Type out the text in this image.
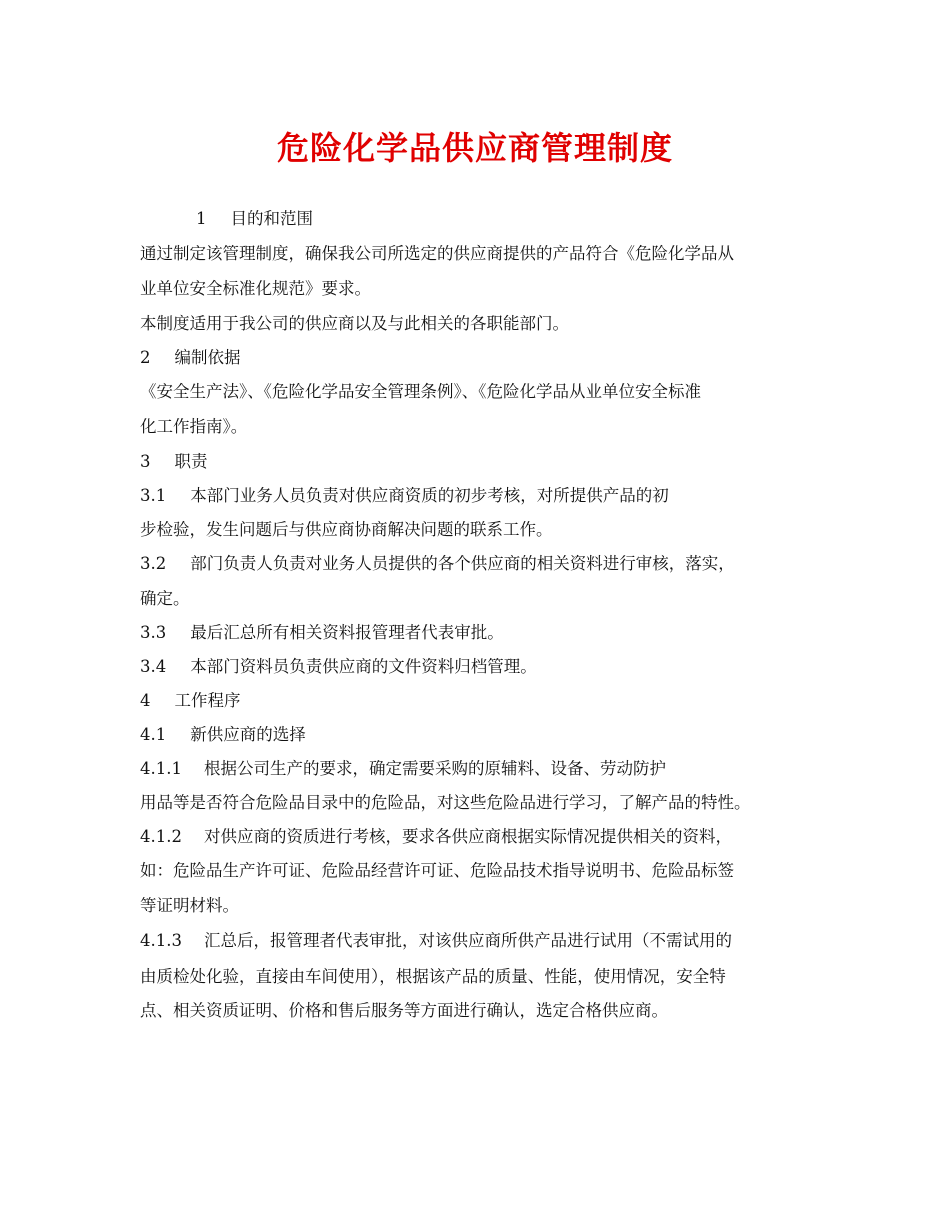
危险化学品供应商管理制度
1 目的和范围
通过制定该管理制度，确保我公司所选定的供应商提供的产品符合《危险化学品从
业单位安全标准化规范》要求。
本制度适用于我公司的供应商以及与此相关的各职能部门。
2 编制依据
《安全生产法》、《危险化学品安全管理条例》、《危险化学品从业单位安全标准
化工作指南》。
3 职责
3.1 本部门业务人员负责对供应商资质的初步考核，对所提供产品的初
步检验，发生问题后与供应商协商解决问题的联系工作。
3.2 部门负责人负责对业务人员提供的各个供应商的相关资料进行审核，落实，
确定。
3.3 最后汇总所有相关资料报管理者代表审批。
3.4 本部门资料员负责供应商的文件资料归档管理。
4 工作程序
4.1 新供应商的选择
4.1.1 根据公司生产的要求，确定需要采购的原辅料、设备、劳动防护
用品等是否符合危险品目录中的危险品，对这些危险品进行学习，了解产品的特性。
4.1.2 对供应商的资质进行考核，要求各供应商根据实际情况提供相关的资料，
如：危险品生产许可证、危险品经营许可证、危险品技术指导说明书、危险品标签
等证明材料。
4.1.3 汇总后，报管理者代表审批，对该供应商所供产品进行试用（不需试用的
由质检处化验，直接由车间使用），根据该产品的质量、性能，使用情况，安全特
点、相关资质证明、价格和售后服务等方面进行确认，选定合格供应商。
